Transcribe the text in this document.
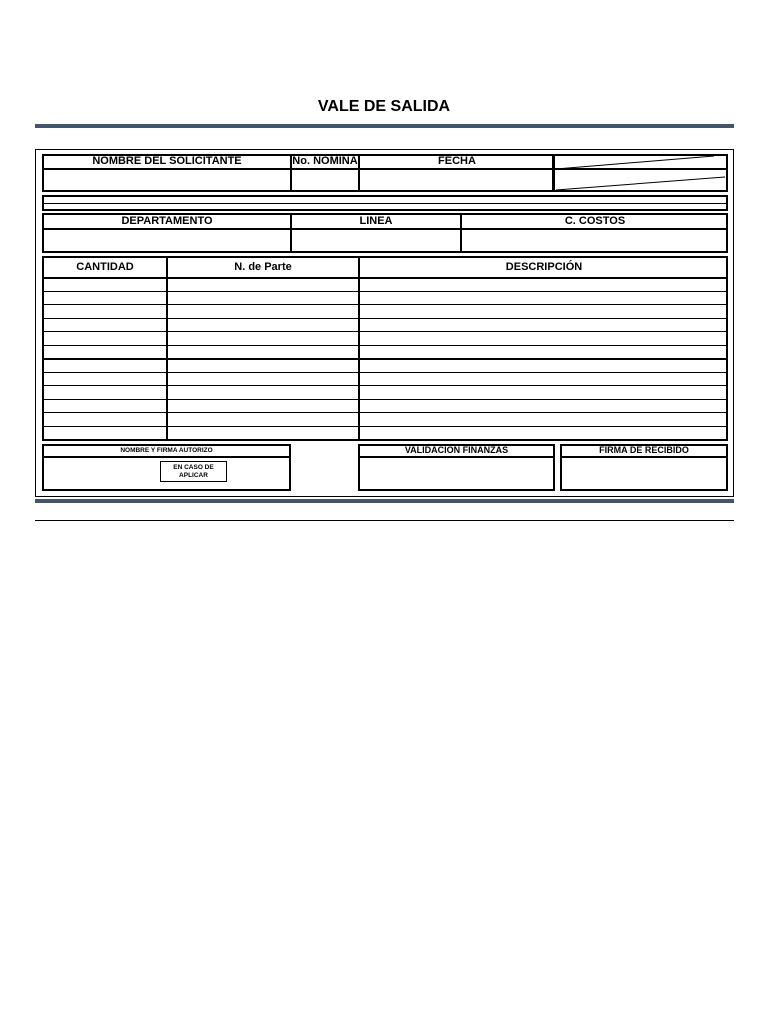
VALE DE SALIDA
NOMBRE DEL SOLICITANTE	No. NOMINA	FECHA
DEPARTAMENTO	LINEA	C. COSTOS
CANTIDAD	N. de Parte	DESCRIPCIÓN
NOMBRE Y FIRMA AUTORIZO
EN CASO DE APLICAR
VALIDACION FINANZAS	FIRMA DE RECIBIDO
